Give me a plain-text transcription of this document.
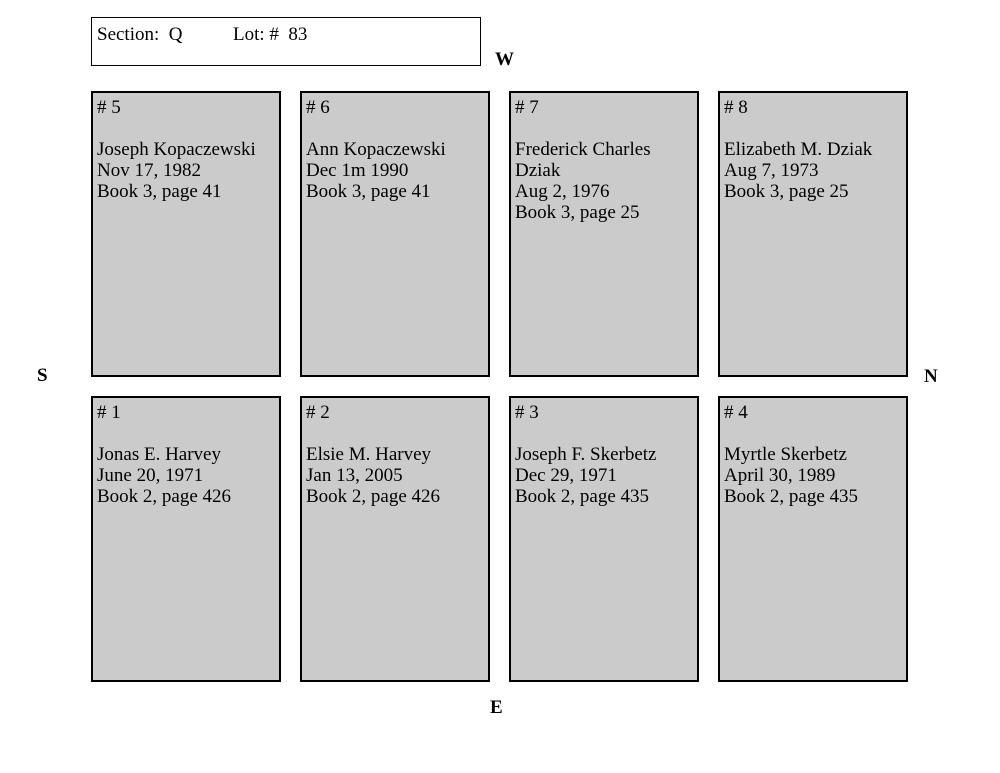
Section:  Q	Lot: #  83
W
S	N
E
# 5
Joseph Kopaczewski
Nov 17, 1982
Book 3, page 41
# 6
Ann Kopaczewski
Dec 1m 1990
Book 3, page 41
# 7
Frederick Charles Dziak
Aug 2, 1976
Book 3, page 25
# 8
Elizabeth M. Dziak
Aug 7, 1973
Book 3, page 25
# 1
Jonas E. Harvey
June 20, 1971
Book 2, page 426
# 2
Elsie M. Harvey
Jan 13, 2005
Book 2, page 426
# 3
Joseph F. Skerbetz
Dec 29, 1971
Book 2, page 435
# 4
Myrtle Skerbetz
April 30, 1989
Book 2, page 435
